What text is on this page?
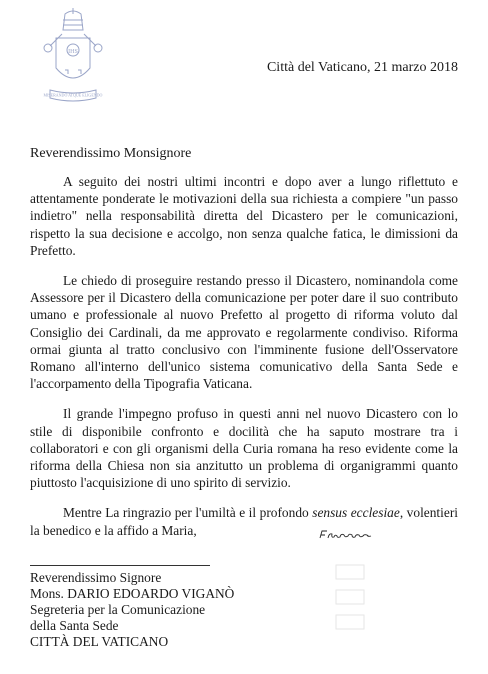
IHS
MISERANDO ATQUE ELIGENDO
Città del Vaticano, 21 marzo 2018
Reverendissimo Monsignore

A seguito dei nostri ultimi incontri e dopo aver a lungo riflettuto e attentamente ponderate le motivazioni della sua richiesta a compiere "un passo indietro" nella responsabilità diretta del Dicastero per le comunicazioni, rispetto la sua decisione e accolgo, non senza qualche fatica, le dimissioni da Prefetto.

Le chiedo di proseguire restando presso il Dicastero, nominandola come Assessore per il Dicastero della comunicazione per poter dare il suo contributo umano e professionale al nuovo Prefetto al progetto di riforma voluto dal Consiglio dei Cardinali, da me approvato e regolarmente condiviso. Riforma ormai giunta al tratto conclusivo con l'imminente fusione dell'Osservatore Romano all'interno dell'unico sistema comunicativo della Santa Sede e l'accorpamento della Tipografia Vaticana.

Il grande l'impegno profuso in questi anni nel nuovo Dicastero con lo stile di disponibile confronto e docilità che ha saputo mostrare tra i collaboratori e con gli organismi della Curia romana ha reso evidente come la riforma della Chiesa non sia anzitutto un problema di organigrammi quanto piuttosto l'acquisizione di uno spirito di servizio.

Mentre La ringrazio per l'umiltà e il profondo sensus ecclesiae, volentieri la benedico e la affido a Maria,

Reverendissimo Signore
Mons. DARIO EDOARDO VIGANÒ
Segreteria per la Comunicazione
della Santa Sede
CITTÀ DEL VATICANO
